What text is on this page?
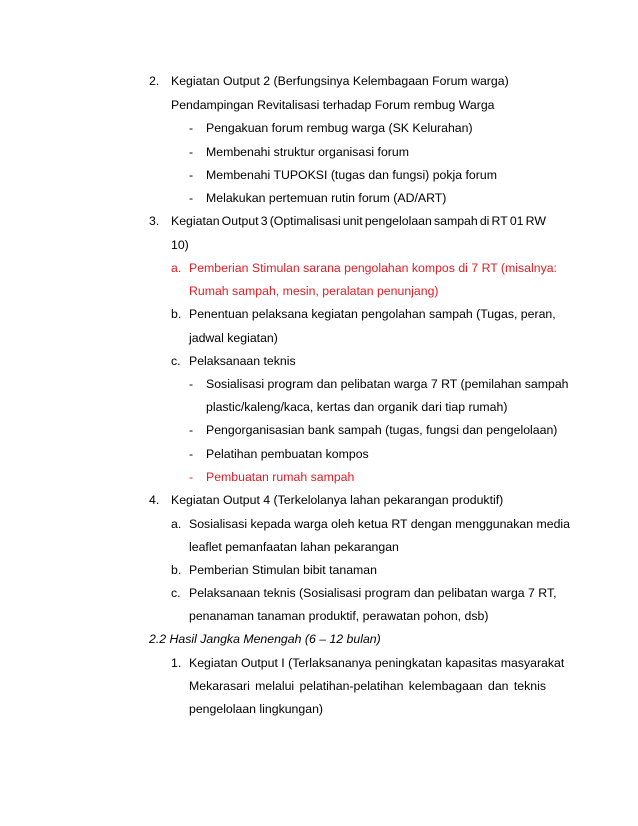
2. Kegiatan Output 2 (Berfungsinya Kelembagaan Forum warga)
Pendampingan Revitalisasi terhadap Forum rembug Warga
- Pengakuan forum rembug warga (SK Kelurahan)
- Membenahi struktur organisasi forum
- Membenahi TUPOKSI (tugas dan fungsi) pokja forum
- Melakukan pertemuan rutin forum (AD/ART)
3. Kegiatan Output 3 (Optimalisasi unit pengelolaan sampah di RT 01 RW
10)
a. Pemberian Stimulan sarana pengolahan kompos di 7 RT (misalnya:
Rumah sampah, mesin, peralatan penunjang)
b. Penentuan pelaksana kegiatan pengolahan sampah (Tugas, peran,
jadwal kegiatan)
c. Pelaksanaan teknis
- Sosialisasi program dan pelibatan warga 7 RT (pemilahan sampah
plastic/kaleng/kaca, kertas dan organik dari tiap rumah)
- Pengorganisasian bank sampah (tugas, fungsi dan pengelolaan)
- Pelatihan pembuatan kompos
- Pembuatan rumah sampah
4. Kegiatan Output 4 (Terkelolanya lahan pekarangan produktif)
a. Sosialisasi kepada warga oleh ketua RT dengan menggunakan media
leaflet pemanfaatan lahan pekarangan
b. Pemberian Stimulan bibit tanaman
c. Pelaksanaan teknis (Sosialisasi program dan pelibatan warga 7 RT,
penanaman tanaman produktif, perawatan pohon, dsb)
2.2 Hasil Jangka Menengah (6 – 12 bulan)
1. Kegiatan Output I (Terlaksananya peningkatan kapasitas masyarakat
Mekarasari melalui pelatihan-pelatihan kelembagaan dan teknis
pengelolaan lingkungan)
